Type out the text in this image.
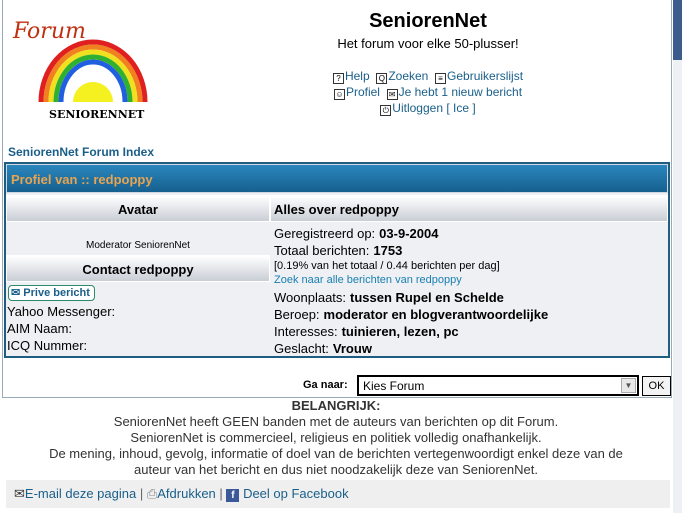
Forum
SENIORENNET
SeniorenNet
Het forum voor elke 50-plusser!
? Help Q Zoeken ≡ Gebruikerslijst
☺ Profiel ✉ Je hebt 1 nieuw bericht
⏻ Uitloggen [ Ice ]
SeniorenNet Forum Index
Ga naar:	Kies Forum	▼	OK
Profiel van :: redpoppy
Avatar	Alles over redpoppy
Moderator SeniorenNet
Contact redpoppy
✉ Prive bericht
Yahoo Messenger:
AIM Naam:
ICQ Nummer:
Geregistreerd op: 03-9-2004
Totaal berichten: 1753
[0.19% van het totaal / 0.44 berichten per dag]
Zoek naar alle berichten van redpoppy
Woonplaats: tussen Rupel en Schelde
Beroep: moderator en blogverantwoordelijke
Interesses: tuinieren, lezen, pc
Geslacht: Vrouw
BELANGRIJK:
SeniorenNet heeft GEEN banden met de auteurs van berichten op dit Forum.
SeniorenNet is commercieel, religieus en politiek volledig onafhankelijk.
De mening, inhoud, gevolg, informatie of doel van de berichten vertegenwoordigt enkel deze van de
auteur van het bericht en dus niet noodzakelijk deze van SeniorenNet.
✉E-mail deze pagina | ⎙Afdrukken | f Deel op Facebook
